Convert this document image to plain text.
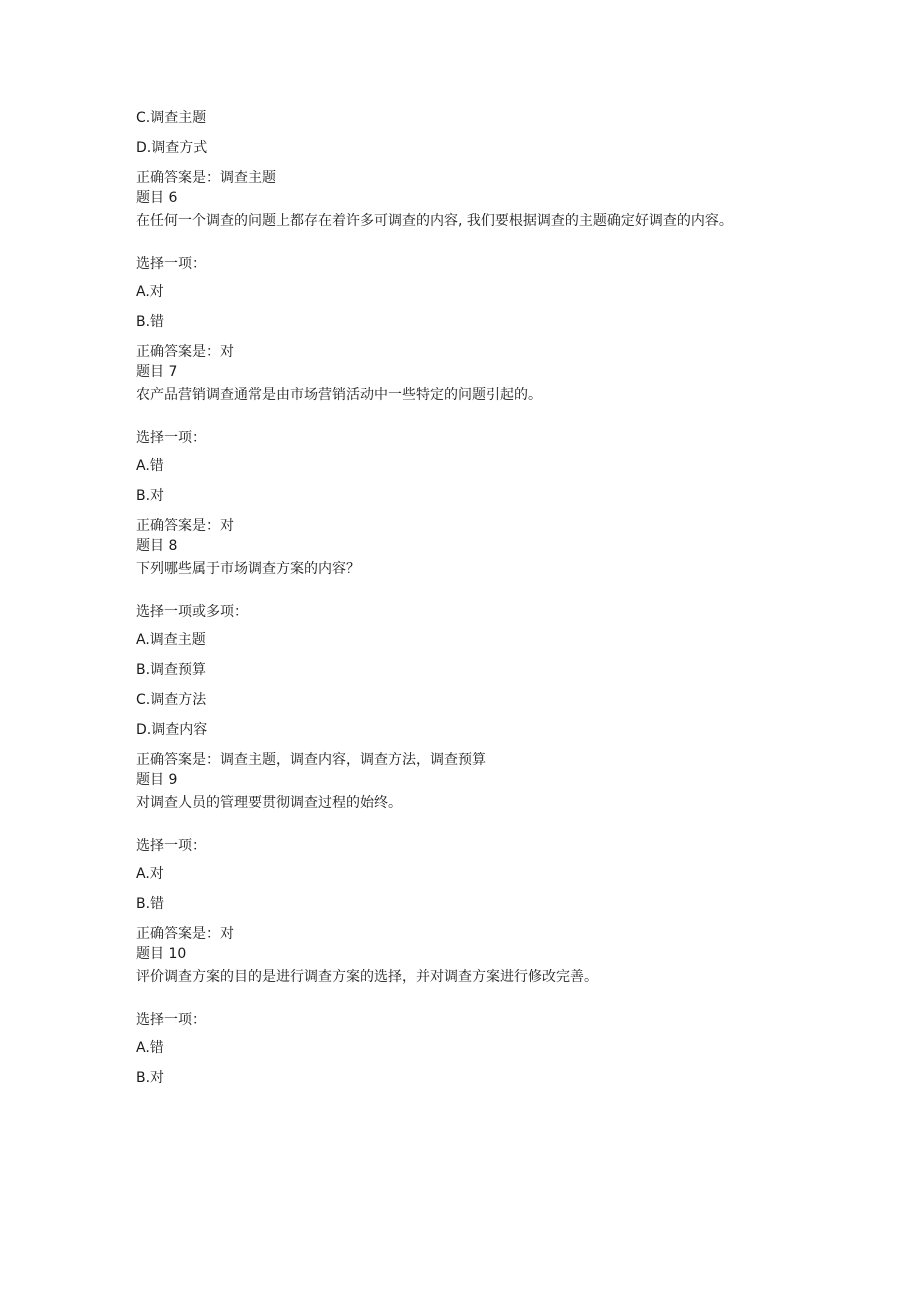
C.调查主题
D.调查方式
正确答案是：调查主题
题目 6
在任何一个调查的问题上都存在着许多可调查的内容, 我们要根据调查的主题确定好调查的内容。
选择一项：
A.对
B.错
正确答案是：对
题目 7
农产品营销调查通常是由市场营销活动中一些特定的问题引起的。
选择一项：
A.错
B.对
正确答案是：对
题目 8
下列哪些属于市场调查方案的内容？
选择一项或多项：
A.调查主题
B.调查预算
C.调查方法
D.调查内容
正确答案是：调查主题，调查内容，调查方法，调查预算
题目 9
对调查人员的管理要贯彻调查过程的始终。
选择一项：
A.对
B.错
正确答案是：对
题目 10
评价调查方案的目的是进行调查方案的选择，并对调查方案进行修改完善。
选择一项：
A.错
B.对
